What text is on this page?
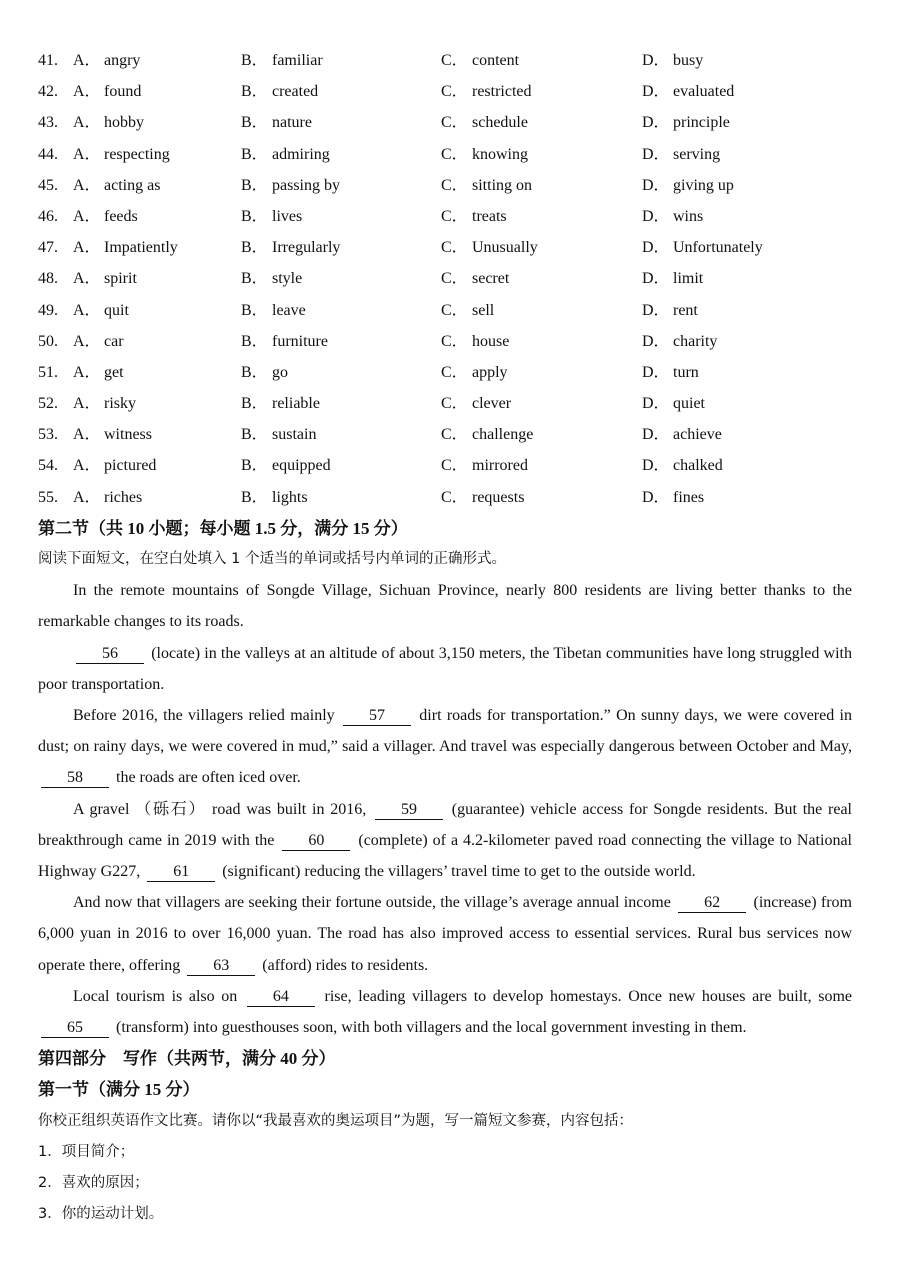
41. A． angry	B． familiar	C． content	D． busy
42. A． found	B． created	C． restricted	D． evaluated
43. A． hobby	B． nature	C． schedule	D． principle
44. A． respecting	B． admiring	C． knowing	D． serving
45. A． acting as	B． passing by	C． sitting on	D． giving up
46. A． feeds	B． lives	C． treats	D． wins
47. A． Impatiently	B． Irregularly	C． Unusually	D． Unfortunately
48. A． spirit	B． style	C． secret	D． limit
49. A． quit	B． leave	C． sell	D． rent
50. A． car	B． furniture	C． house	D． charity
51. A． get	B． go	C． apply	D． turn
52. A． risky	B． reliable	C． clever	D． quiet
53. A． witness	B． sustain	C． challenge	D． achieve
54. A． pictured	B． equipped	C． mirrored	D． chalked
55. A． riches	B． lights	C． requests	D． fines
第二节（共 10 小题；每小题 1.5 分，满分 15 分）
阅读下面短文，在空白处填入 1 个适当的单词或括号内单词的正确形式。
In the remote mountains of Songde Village, Sichuan Province, nearly 800 residents are living better thanks to the remarkable changes to its roads.
56 (locate) in the valleys at an altitude of about 3,150 meters, the Tibetan communities have long struggled with poor transportation.
Before 2016, the villagers relied mainly 57 dirt roads for transportation.” On sunny days, we were covered in dust; on rainy days, we were covered in mud,” said a villager. And travel was especially dangerous between October and May, 58 the roads are often iced over.
A gravel （砾石） road was built in 2016, 59 (guarantee) vehicle access for Songde residents. But the real breakthrough came in 2019 with the 60 (complete) of a 4.2-kilometer paved road connecting the village to National Highway G227, 61 (significant) reducing the villagers’ travel time to get to the outside world.
And now that villagers are seeking their fortune outside, the village’s average annual income 62 (increase) from 6,000 yuan in 2016 to over 16,000 yuan. The road has also improved access to essential services. Rural bus services now operate there, offering 63 (afford) rides to residents.
Local tourism is also on 64 rise, leading villagers to develop homestays. Once new houses are built, some 65 (transform) into guesthouses soon, with both villagers and the local government investing in them.
第四部分　写作（共两节，满分 40 分）
第一节（满分 15 分）
你校正组织英语作文比赛。请你以“我最喜欢的奥运项目”为题，写一篇短文参赛，内容包括：
1．项目简介；
2．喜欢的原因；
3．你的运动计划。
